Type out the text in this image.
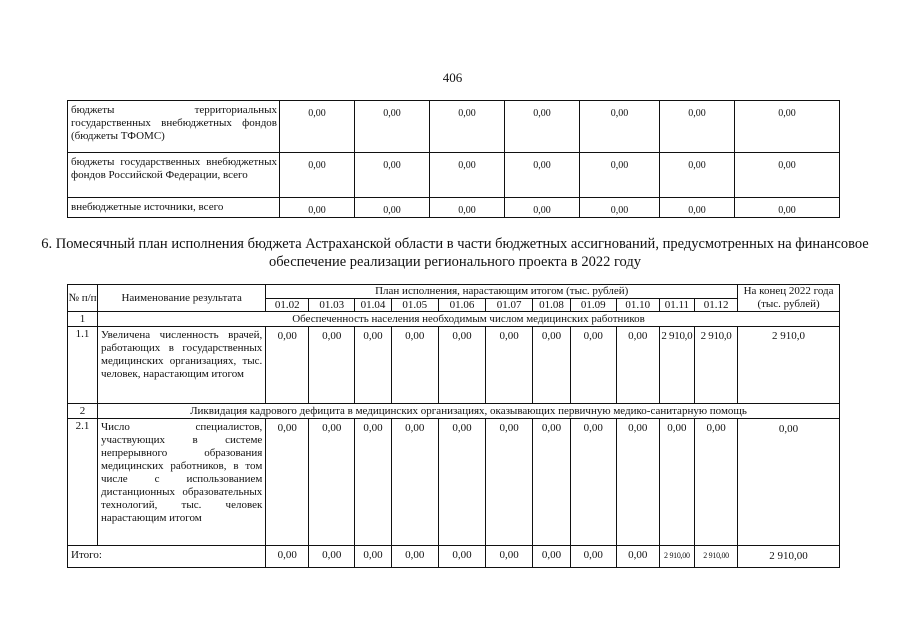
406
бюджеты территориальных государственных внебюджетных фондов (бюджеты ТФОМС)	0,00	0,00	0,00	0,00	0,00	0,00	0,00
бюджеты государственных внебюджетных фондов Российской Федерации, всего	0,00	0,00	0,00	0,00	0,00	0,00	0,00
внебюджетные источники, всего	0,00	0,00	0,00	0,00	0,00	0,00	0,00
6. Помесячный план исполнения бюджета Астраханской области в части бюджетных ассигнований, предусмотренных на финансовое обеспечение реализации регионального проекта в 2022 году
№ п/п	Наименование результата	План исполнения, нарастающим итогом (тыс. рублей)											На конец 2022 года (тыс. рублей)
		01.02	01.03	01.04	01.05	01.06	01.07	01.08	01.09	01.10	01.11	01.12	
1	Обеспеченность населения необходимым числом медицинских работников												
1.1	Увеличена численность врачей, работающих в государственных медицинских организациях, тыс. человек, нарастающим итогом	0,00	0,00	0,00	0,00	0,00	0,00	0,00	0,00	0,00	2 910,0	2 910,0	2 910,0
2	Ликвидация кадрового дефицита в медицинских организациях, оказывающих первичную медико-санитарную помощь												
2.1	Число специалистов, участвующих в системе непрерывного образования медицинских работников, в том числе с использованием дистанционных образовательных технологий, тыс. человек нарастающим итогом	0,00	0,00	0,00	0,00	0,00	0,00	0,00	0,00	0,00	0,00	0,00	0,00
Итого:		0,00	0,00	0,00	0,00	0,00	0,00	0,00	0,00	0,00	2 910,00	2 910,00	2 910,00
